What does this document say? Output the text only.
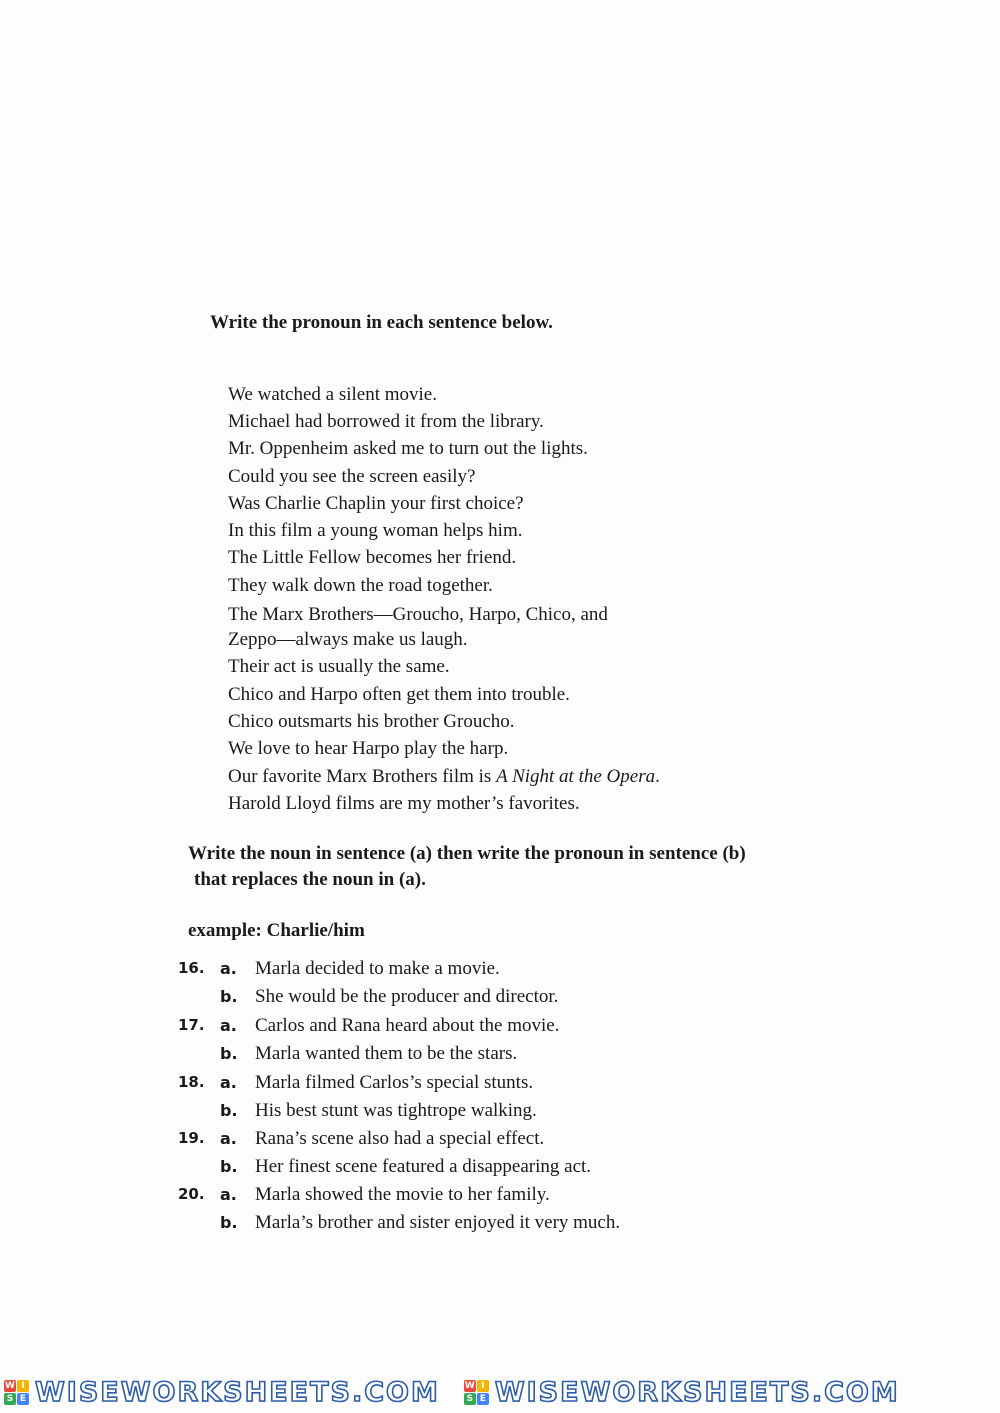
Write the pronoun in each sentence below.
We watched a silent movie.
Michael had borrowed it from the library.
Mr. Oppenheim asked me to turn out the lights.
Could you see the screen easily?
Was Charlie Chaplin your first choice?
In this film a young woman helps him.
The Little Fellow becomes her friend.
They walk down the road together.
The Marx Brothers—Groucho, Harpo, Chico, and
Zeppo—always make us laugh.
Their act is usually the same.
Chico and Harpo often get them into trouble.
Chico outsmarts his brother Groucho.
We love to hear Harpo play the harp.
Our favorite Marx Brothers film is A Night at the Opera.
Harold Lloyd films are my mother’s favorites.
Write the noun in sentence (a) then write the pronoun in sentence (b)
that replaces the noun in (a).
example: Charlie/him
16. a. Marla decided to make a movie.
b. She would be the producer and director.
17. a. Carlos and Rana heard about the movie.
b. Marla wanted them to be the stars.
18. a. Marla filmed Carlos’s special stunts.
b. His best stunt was tightrope walking.
19. a. Rana’s scene also had a special effect.
b. Her finest scene featured a disappearing act.
20. a. Marla showed the movie to her family.
b. Marla’s brother and sister enjoyed it very much.
W I
S E WISEWORKSHEETS.COM	W I
S E WISEWORKSHEETS.COM
